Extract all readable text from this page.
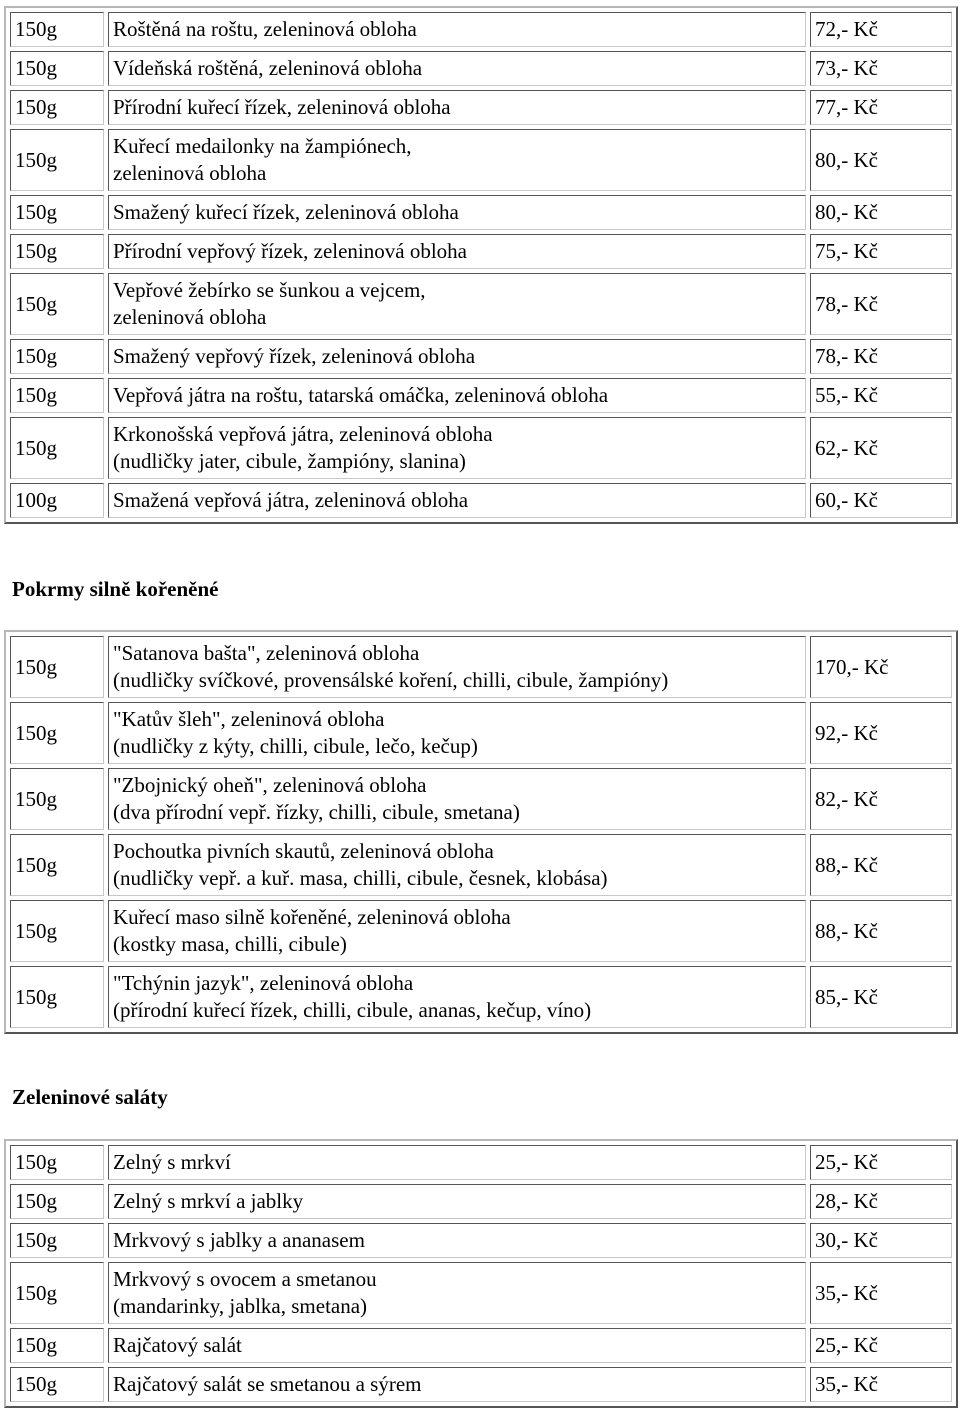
150g	Roštěná na roštu, zeleninová obloha	72,- Kč
150g	Vídeňská roštěná, zeleninová obloha	73,- Kč
150g	Přírodní kuřecí řízek, zeleninová obloha	77,- Kč
150g	Kuřecí medailonky na žampiónech,
zeleninová obloha	80,- Kč
150g	Smažený kuřecí řízek, zeleninová obloha	80,- Kč
150g	Přírodní vepřový řízek, zeleninová obloha	75,- Kč
150g	Vepřové žebírko se šunkou a vejcem,
zeleninová obloha	78,- Kč
150g	Smažený vepřový řízek, zeleninová obloha	78,- Kč
150g	Vepřová játra na roštu, tatarská omáčka, zeleninová obloha	55,- Kč
150g	Krkonošská vepřová játra, zeleninová obloha
(nudličky jater, cibule, žampióny, slanina)	62,- Kč
100g	Smažená vepřová játra, zeleninová obloha	60,- Kč
Pokrmy silně kořeněné
150g	"Satanova bašta", zeleninová obloha
(nudličky svíčkové, provensálské koření, chilli, cibule, žampióny)	170,- Kč
150g	"Katův šleh", zeleninová obloha
(nudličky z kýty, chilli, cibule, lečo, kečup)	92,- Kč
150g	"Zbojnický oheň", zeleninová obloha
(dva přírodní vepř. řízky, chilli, cibule, smetana)	82,- Kč
150g	Pochoutka pivních skautů, zeleninová obloha
(nudličky vepř. a kuř. masa, chilli, cibule, česnek, klobása)	88,- Kč
150g	Kuřecí maso silně kořeněné, zeleninová obloha
(kostky masa, chilli, cibule)	88,- Kč
150g	"Tchýnin jazyk", zeleninová obloha
(přírodní kuřecí řízek, chilli, cibule, ananas, kečup, víno)	85,- Kč
Zeleninové saláty
150g	Zelný s mrkví	25,- Kč
150g	Zelný s mrkví a jablky	28,- Kč
150g	Mrkvový s jablky a ananasem	30,- Kč
150g	Mrkvový s ovocem a smetanou
(mandarinky, jablka, smetana)	35,- Kč
150g	Rajčatový salát	25,- Kč
150g	Rajčatový salát se smetanou a sýrem	35,- Kč
